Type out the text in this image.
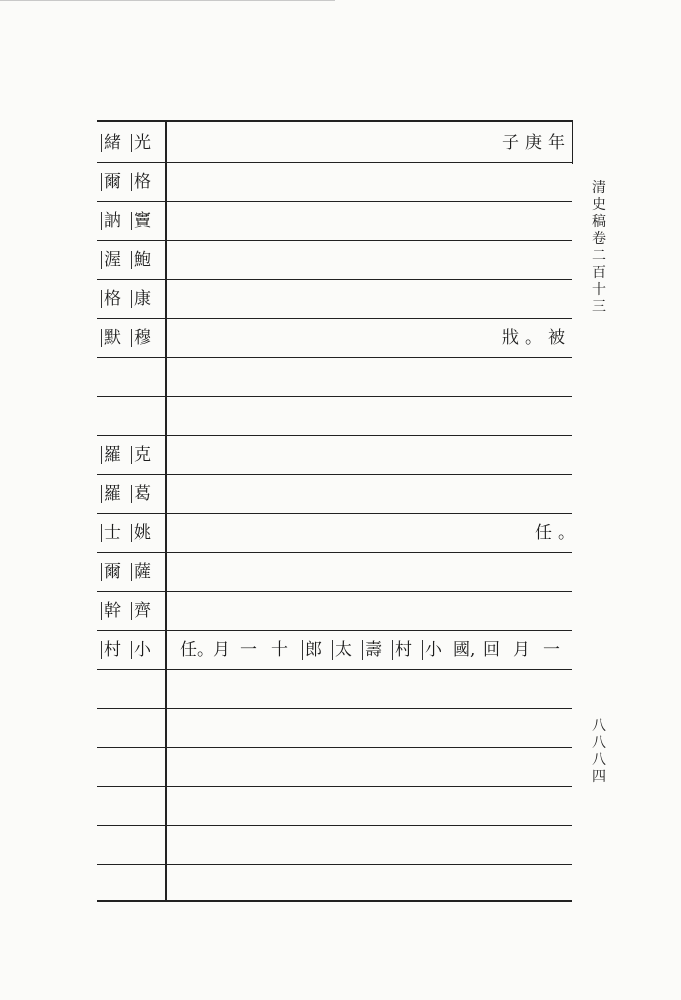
緒 光
爾 格
訥 竇
渥 鮑
格 康
默 穆
羅 克
羅 葛
士 姚
爾 薩
幹 齊
村 小
子庚年
戕。被
任。
任。 月 一 十 郎 太 壽 村 小 國, 回 月 一
清
史
稿
卷
二
百
十
三
八
八
八
四
